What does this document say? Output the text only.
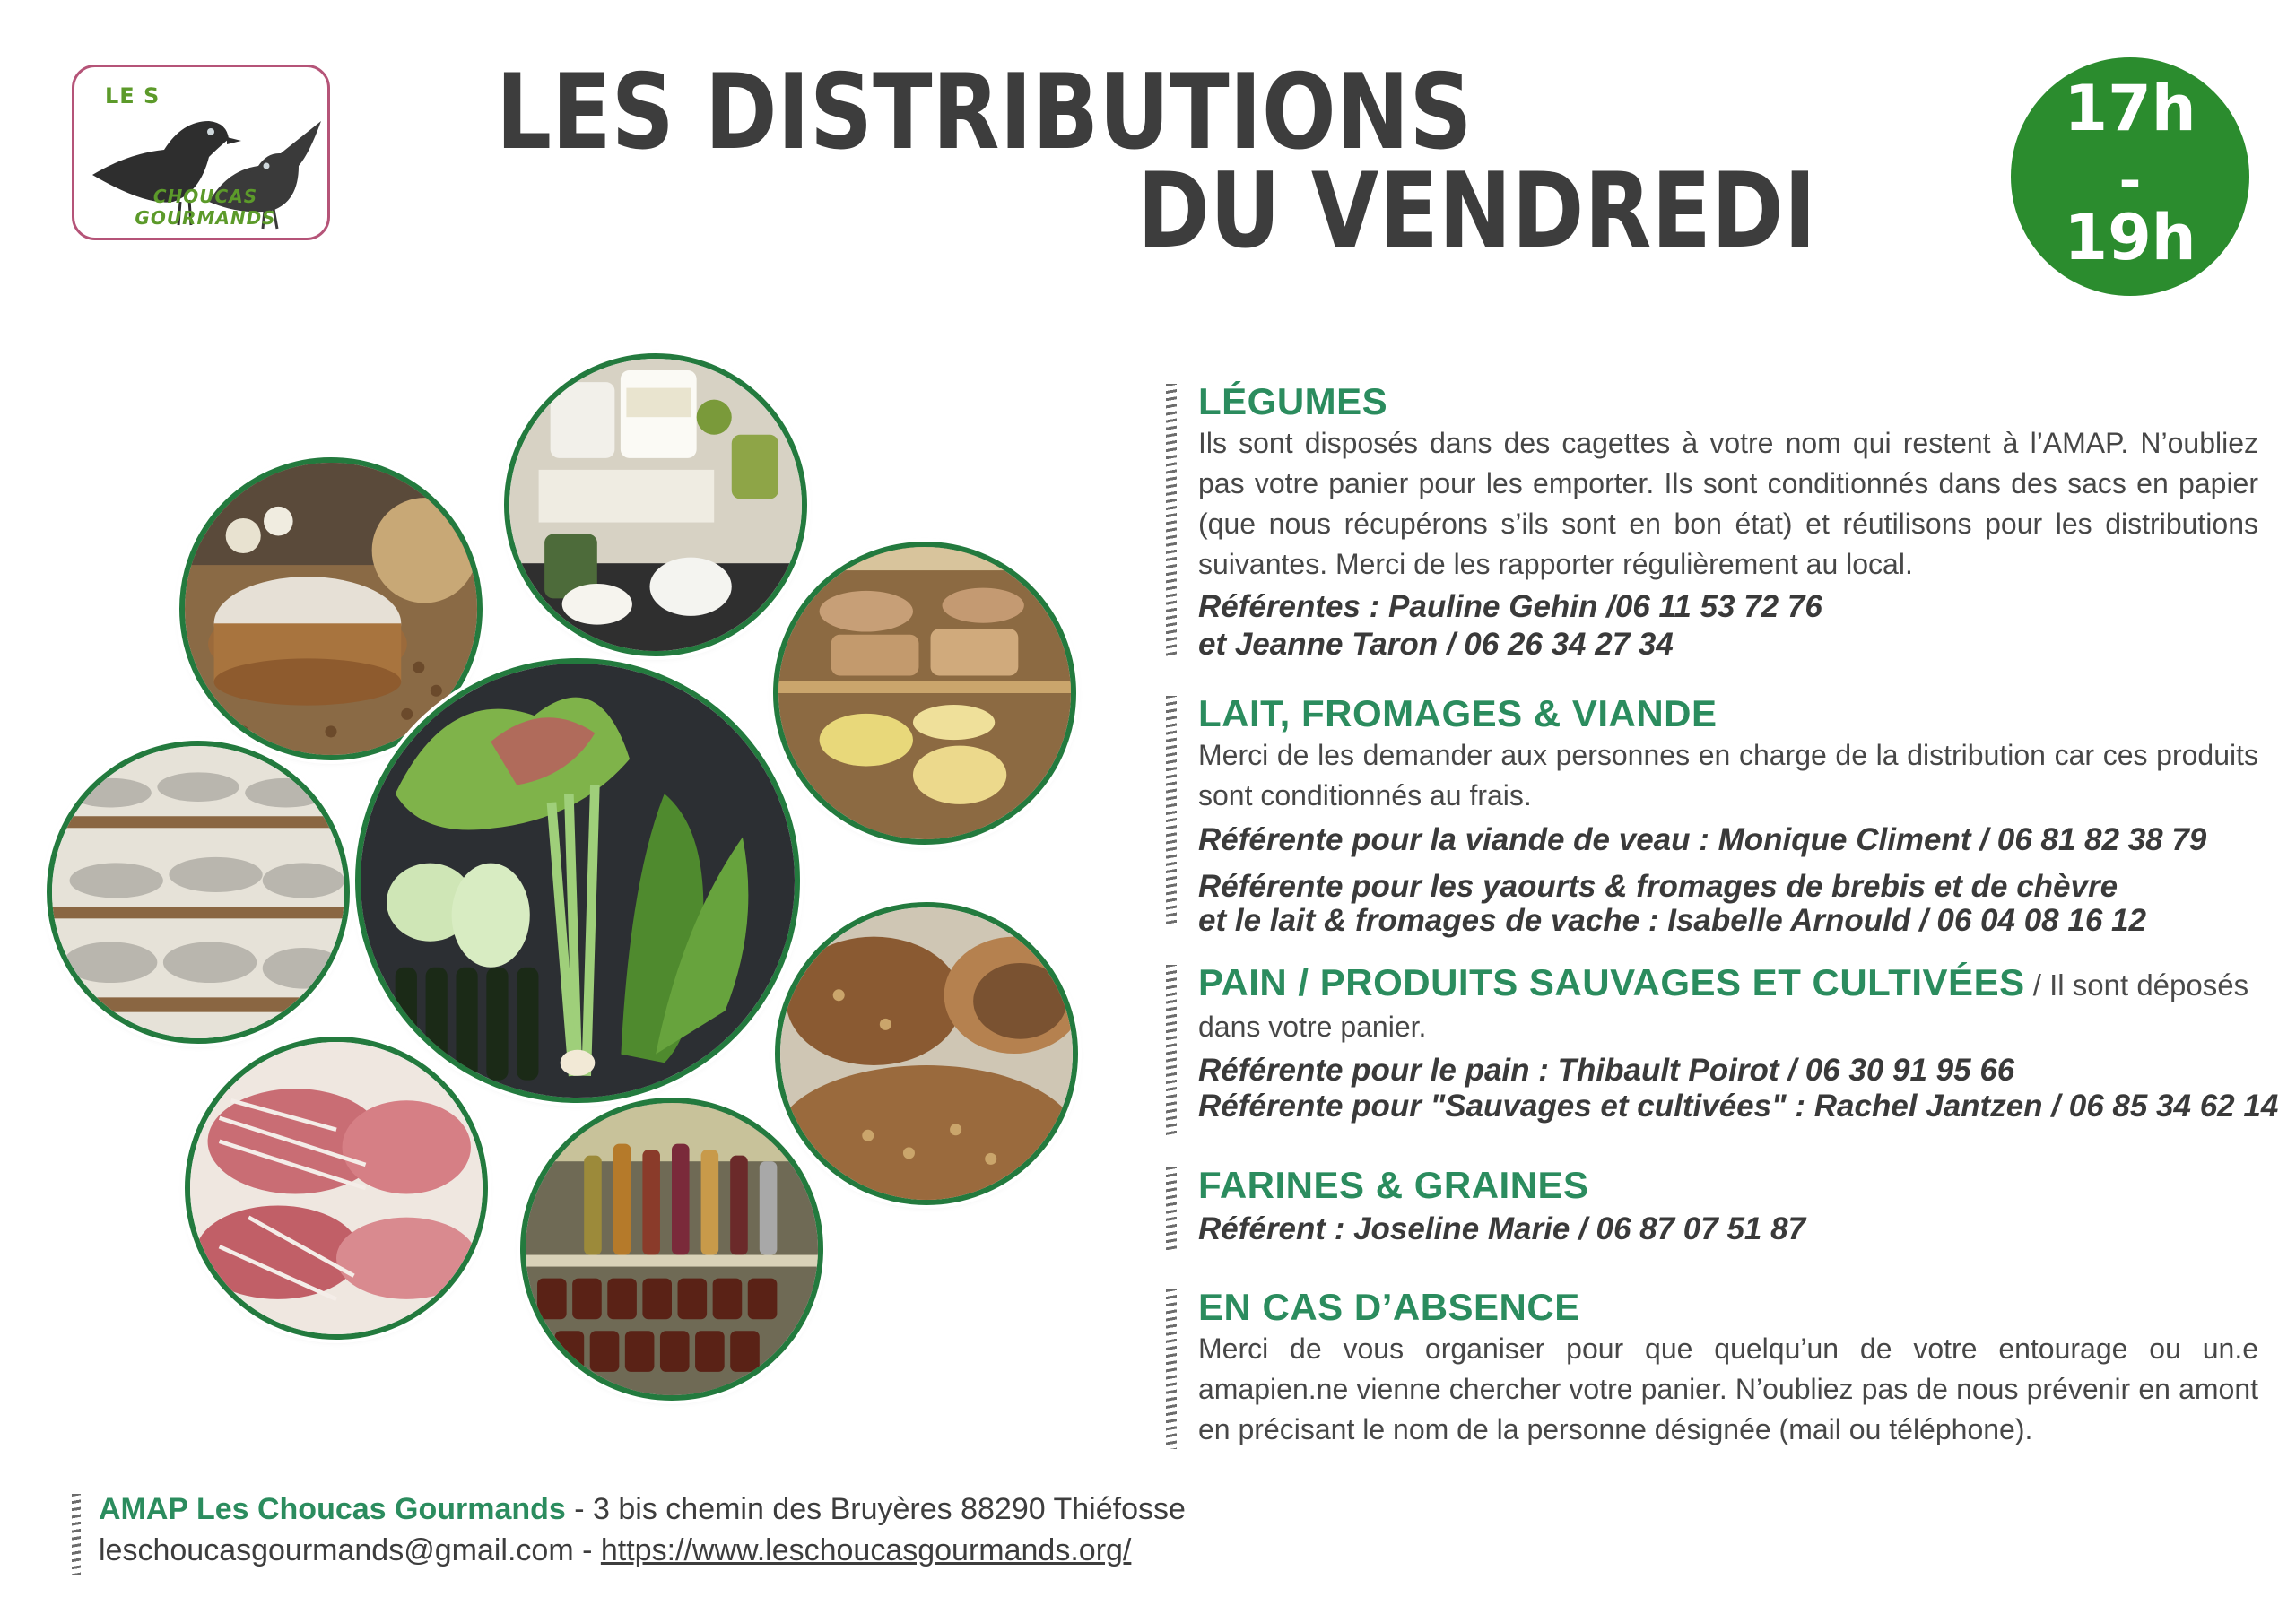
LE S
CHOUCAS GOURMANDS
LES DISTRIBUTIONS
DU VENDREDI
17h
-
19h
LÉGUMES
Ils sont disposés dans des cagettes à votre nom qui restent à l’AMAP. N’oubliez pas votre panier pour les emporter. Ils sont conditionnés dans des sacs en papier (que nous récupérons s’ils sont en bon état) et réutilisons pour les distributions suivantes. Merci de les rapporter régulièrement au local.
Référentes : Pauline Gehin /06 11 53 72 76
et Jeanne Taron / 06 26 34 27 34
LAIT, FROMAGES & VIANDE
Merci de les demander aux personnes en charge de la distribution car ces produits sont conditionnés au frais.
Référente pour la viande de veau : Monique Climent / 06 81 82 38 79
Référente pour les yaourts & fromages de brebis et de chèvre
et le lait & fromages de vache : Isabelle Arnould / 06 04 08 16 12
PAIN / PRODUITS SAUVAGES ET CULTIVÉES / Il sont déposés
dans votre panier.
Référente pour le pain : Thibault Poirot / 06 30 91 95 66
Référente pour "Sauvages et cultivées" : Rachel Jantzen / 06 85 34 62 14
FARINES & GRAINES
Référent : Joseline Marie / 06 87 07 51 87
EN CAS D’ABSENCE
Merci de vous organiser pour que quelqu’un de votre entourage ou un.e amapien.ne vienne chercher votre panier. N’oubliez pas de nous prévenir en amont en précisant le nom de la personne désignée (mail ou téléphone).
AMAP Les Choucas Gourmands - 3 bis chemin des Bruyères 88290 Thiéfosse
leschoucasgourmands@gmail.com - https://www.leschoucasgourmands.org/
